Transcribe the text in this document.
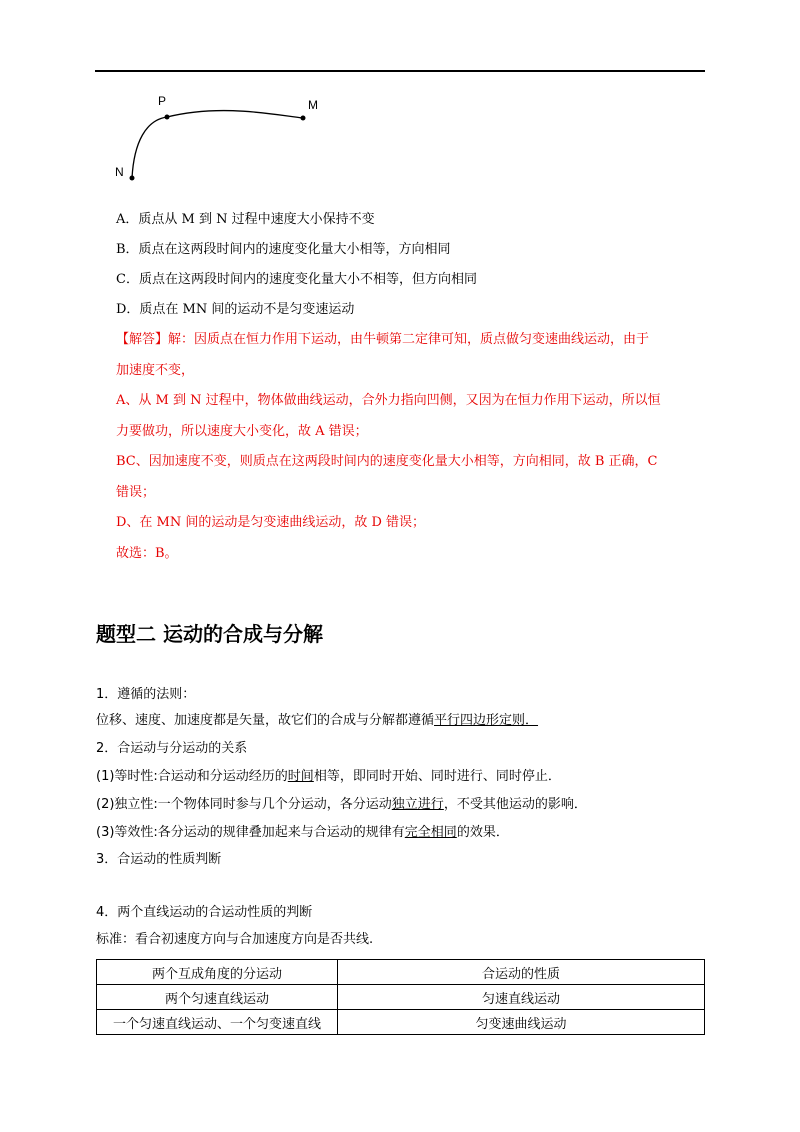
P	M
N
A．质点从 M 到 N 过程中速度大小保持不变
B．质点在这两段时间内的速度变化量大小相等，方向相同
C．质点在这两段时间内的速度变化量大小不相等，但方向相同
D．质点在 MN 间的运动不是匀变速运动
【解答】解：因质点在恒力作用下运动，由牛顿第二定律可知，质点做匀变速曲线运动，由于
加速度不变，
A、从 M 到 N 过程中，物体做曲线运动，合外力指向凹侧，又因为在恒力作用下运动，所以恒
力要做功，所以速度大小变化，故 A 错误；
BC、因加速度不变，则质点在这两段时间内的速度变化量大小相等，方向相同，故 B 正确，C
错误；
D、在 MN 间的运动是匀变速曲线运动，故 D 错误；
故选：B。
题型二 运动的合成与分解
1．遵循的法则：
位移、速度、加速度都是矢量，故它们的合成与分解都遵循平行四边形定则．
2．合运动与分运动的关系
(1)等时性:合运动和分运动经历的时间相等，即同时开始、同时进行、同时停止．
(2)独立性:一个物体同时参与几个分运动，各分运动独立进行，不受其他运动的影响．
(3)等效性:各分运动的规律叠加起来与合运动的规律有完全相同的效果．
3．合运动的性质判断
4．两个直线运动的合运动性质的判断
标准：看合初速度方向与合加速度方向是否共线.
两个互成角度的分运动	合运动的性质
两个匀速直线运动	匀速直线运动
一个匀速直线运动、一个匀变速直线	匀变速曲线运动
